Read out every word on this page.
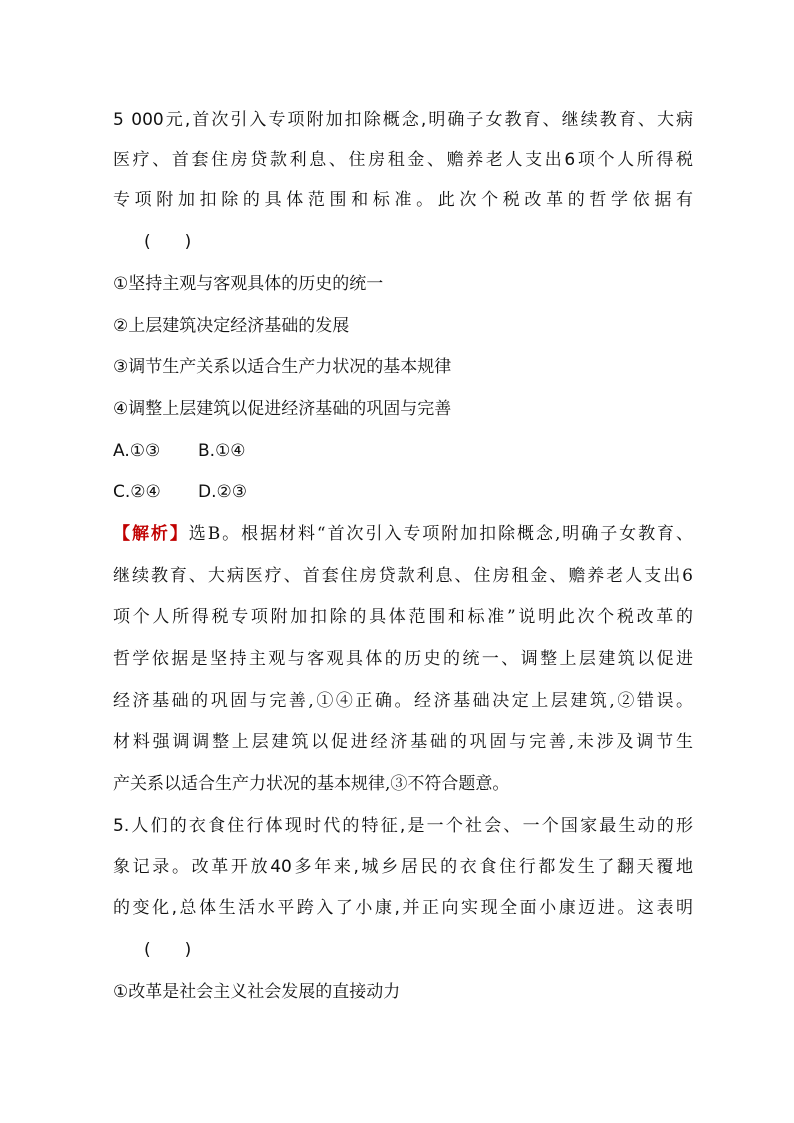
5 000元,首次引入专项附加扣除概念,明确子女教育、继续教育、大病
医疗、首套住房贷款利息、住房租金、赡养老人支出6项个人所得税
专项附加扣除的具体范围和标准。此次个税改革的哲学依据有
(　　)
①坚持主观与客观具体的历史的统一
②上层建筑决定经济基础的发展
③调节生产关系以适合生产力状况的基本规律
④调整上层建筑以促进经济基础的巩固与完善
A.①③ B.①④
C.②④ D.②③
【解析】选B。根据材料“首次引入专项附加扣除概念,明确子女教育、
继续教育、大病医疗、首套住房贷款利息、住房租金、赡养老人支出6
项个人所得税专项附加扣除的具体范围和标准”说明此次个税改革的
哲学依据是坚持主观与客观具体的历史的统一、调整上层建筑以促进
经济基础的巩固与完善,①④正确。经济基础决定上层建筑,②错误。
材料强调调整上层建筑以促进经济基础的巩固与完善,未涉及调节生
产关系以适合生产力状况的基本规律,③不符合题意。
5.人们的衣食住行体现时代的特征,是一个社会、一个国家最生动的形
象记录。改革开放40多年来,城乡居民的衣食住行都发生了翻天覆地
的变化,总体生活水平跨入了小康,并正向实现全面小康迈进。这表明
(　　)
①改革是社会主义社会发展的直接动力
